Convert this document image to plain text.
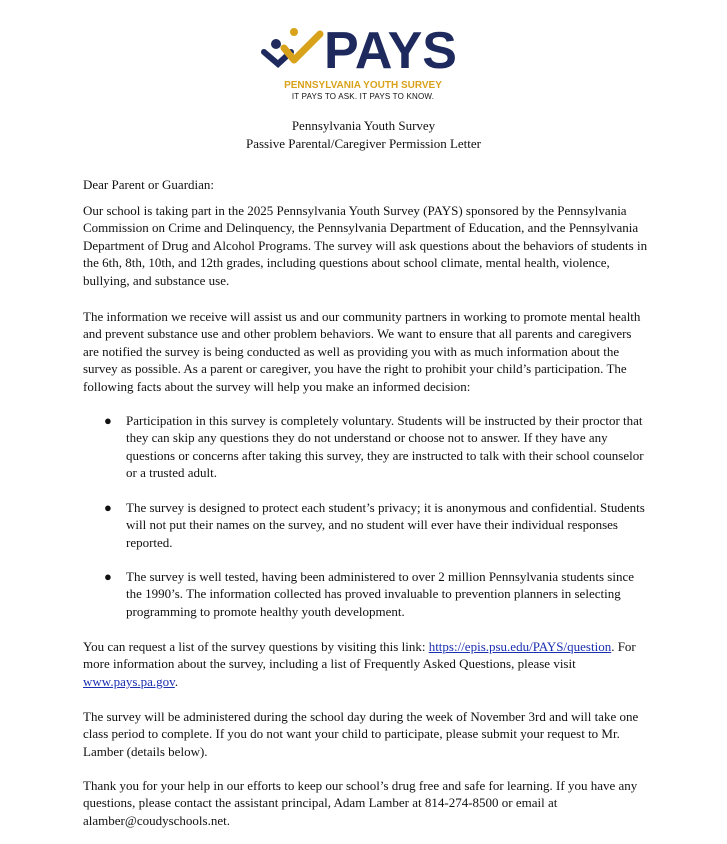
PAYS
PENNSYLVANIA YOUTH SURVEY
IT PAYS TO ASK. IT PAYS TO KNOW.
Pennsylvania Youth Survey
Passive Parental/Caregiver Permission Letter

Dear Parent or Guardian:

Our school is taking part in the 2025 Pennsylvania Youth Survey (PAYS) sponsored by the Pennsylvania Commission on Crime and Delinquency, the Pennsylvania Department of Education, and the Pennsylvania Department of Drug and Alcohol Programs. The survey will ask questions about the behaviors of students in the 6th, 8th, 10th, and 12th grades, including questions about school climate, mental health, violence, bullying, and substance use.

The information we receive will assist us and our community partners in working to promote mental health and prevent substance use and other problem behaviors. We want to ensure that all parents and caregivers are notified the survey is being conducted as well as providing you with as much information about the survey as possible. As a parent or caregiver, you have the right to prohibit your child’s participation. The following facts about the survey will help you make an informed decision:

● Participation in this survey is completely voluntary. Students will be instructed by their proctor that they can skip any questions they do not understand or choose not to answer. If they have any questions or concerns after taking this survey, they are instructed to talk with their school counselor or a trusted adult.

● The survey is designed to protect each student’s privacy; it is anonymous and confidential. Students will not put their names on the survey, and no student will ever have their individual responses reported.

● The survey is well tested, having been administered to over 2 million Pennsylvania students since the 1990’s. The information collected has proved invaluable to prevention planners in selecting programming to promote healthy youth development.

You can request a list of the survey questions by visiting this link: https://epis.psu.edu/PAYS/question. For more information about the survey, including a list of Frequently Asked Questions, please visit www.pays.pa.gov.

The survey will be administered during the school day during the week of November 3rd and will take one class period to complete. If you do not want your child to participate, please submit your request to Mr. Lamber (details below).

Thank you for your help in our efforts to keep our school’s drug free and safe for learning. If you have any questions, please contact the assistant principal, Adam Lamber at 814-274-8500 or email at alamber@coudyschools.net.
